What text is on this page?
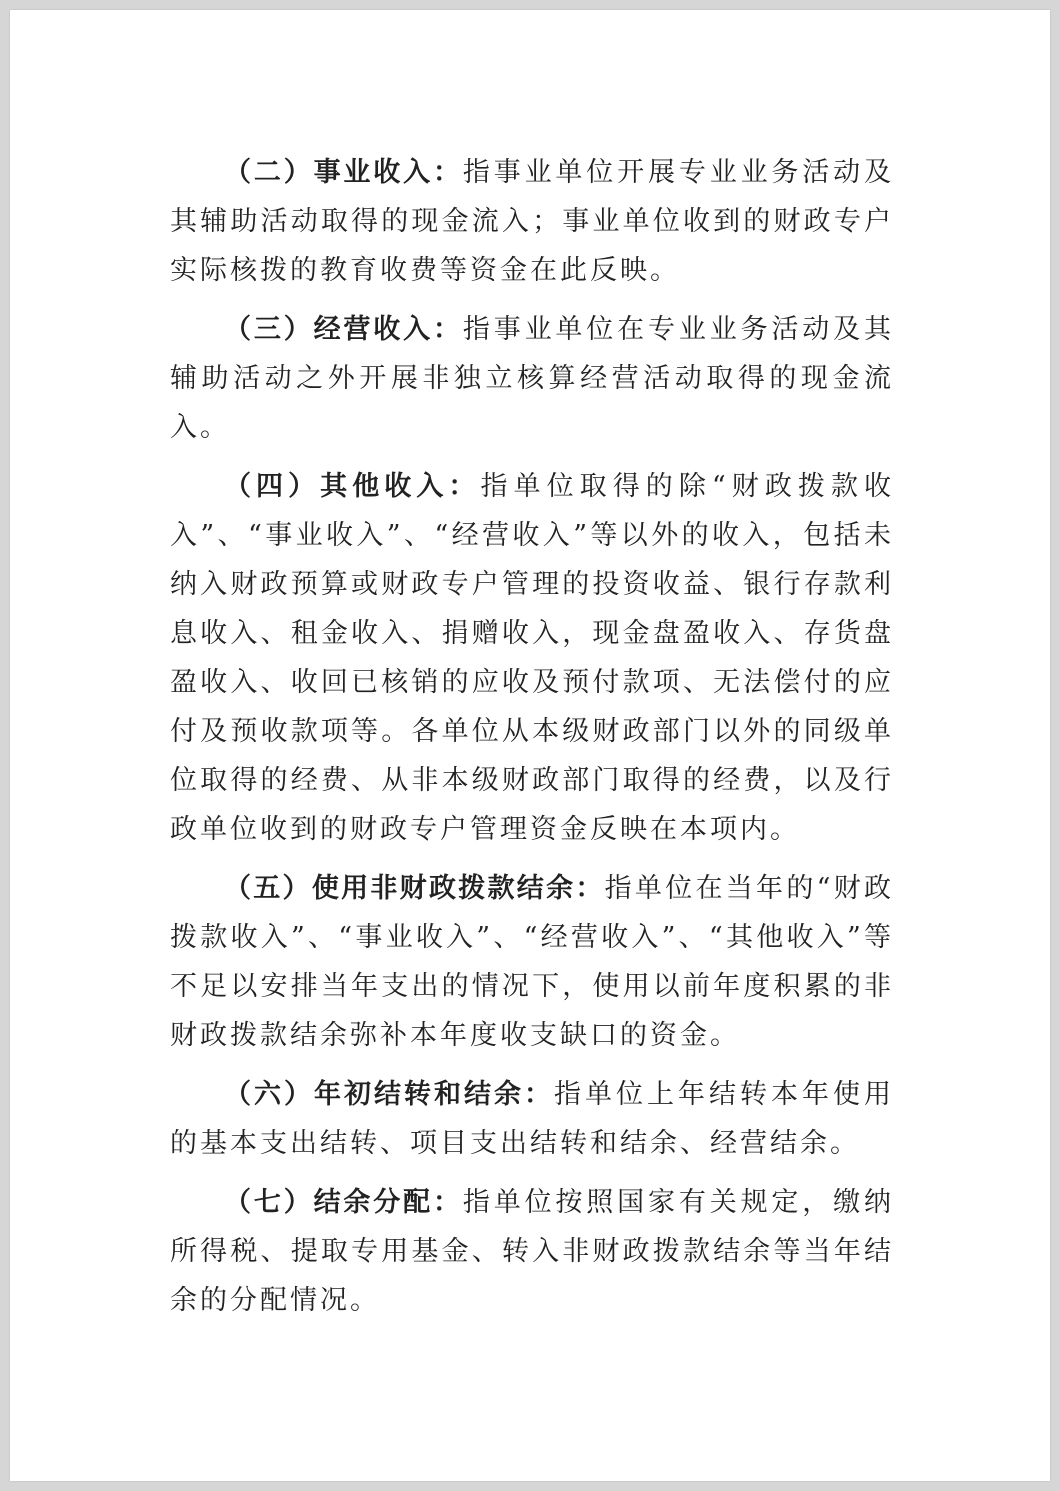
（二）事业收入：指事业单位开展专业业务活动及其辅助活动取得的现金流入；事业单位收到的财政专户实际核拨的教育收费等资金在此反映。

（三）经营收入：指事业单位在专业业务活动及其辅助活动之外开展非独立核算经营活动取得的现金流入。

（四）其他收入：指单位取得的除“财政拨款收入”、“事业收入”、“经营收入”等以外的收入，包括未纳入财政预算或财政专户管理的投资收益、银行存款利息收入、租金收入、捐赠收入，现金盘盈收入、存货盘盈收入、收回已核销的应收及预付款项、无法偿付的应付及预收款项等。各单位从本级财政部门以外的同级单位取得的经费、从非本级财政部门取得的经费，以及行政单位收到的财政专户管理资金反映在本项内。

（五）使用非财政拨款结余：指单位在当年的“财政拨款收入”、“事业收入”、“经营收入”、“其他收入”等不足以安排当年支出的情况下，使用以前年度积累的非财政拨款结余弥补本年度收支缺口的资金。

（六）年初结转和结余：指单位上年结转本年使用的基本支出结转、项目支出结转和结余、经营结余。

（七）结余分配：指单位按照国家有关规定，缴纳所得税、提取专用基金、转入非财政拨款结余等当年结余的分配情况。
